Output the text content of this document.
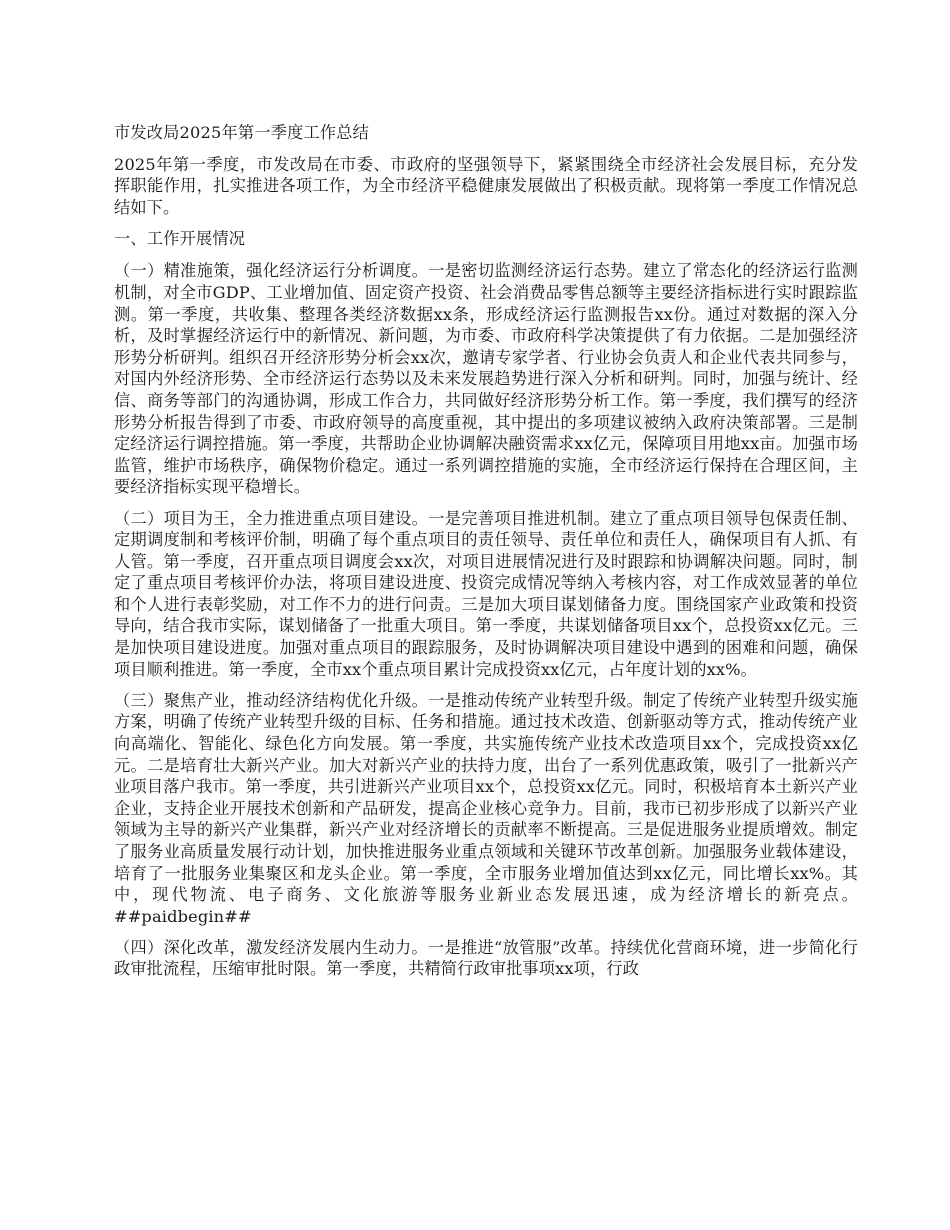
市发改局2025年第一季度工作总结

2025年第一季度，市发改局在市委、市政府的坚强领导下，紧紧围绕全市经济社会发展目标，充分发挥职能作用，扎实推进各项工作，为全市经济平稳健康发展做出了积极贡献。现将第一季度工作情况总结如下。

一、工作开展情况

（一）精准施策，强化经济运行分析调度。一是密切监测经济运行态势。建立了常态化的经济运行监测机制，对全市GDP、工业增加值、固定资产投资、社会消费品零售总额等主要经济指标进行实时跟踪监测。第一季度，共收集、整理各类经济数据xx条，形成经济运行监测报告xx份。通过对数据的深入分析，及时掌握经济运行中的新情况、新问题，为市委、市政府科学决策提供了有力依据。二是加强经济形势分析研判。组织召开经济形势分析会xx次，邀请专家学者、行业协会负责人和企业代表共同参与，对国内外经济形势、全市经济运行态势以及未来发展趋势进行深入分析和研判。同时，加强与统计、经信、商务等部门的沟通协调，形成工作合力，共同做好经济形势分析工作。第一季度，我们撰写的经济形势分析报告得到了市委、市政府领导的高度重视，其中提出的多项建议被纳入政府决策部署。三是制定经济运行调控措施。第一季度，共帮助企业协调解决融资需求xx亿元，保障项目用地xx亩。加强市场监管，维护市场秩序，确保物价稳定。通过一系列调控措施的实施，全市经济运行保持在合理区间，主要经济指标实现平稳增长。

（二）项目为王，全力推进重点项目建设。一是完善项目推进机制。建立了重点项目领导包保责任制、定期调度制和考核评价制，明确了每个重点项目的责任领导、责任单位和责任人，确保项目有人抓、有人管。第一季度，召开重点项目调度会xx次，对项目进展情况进行及时跟踪和协调解决问题。同时，制定了重点项目考核评价办法，将项目建设进度、投资完成情况等纳入考核内容，对工作成效显著的单位和个人进行表彰奖励，对工作不力的进行问责。三是加大项目谋划储备力度。围绕国家产业政策和投资导向，结合我市实际，谋划储备了一批重大项目。第一季度，共谋划储备项目xx个，总投资xx亿元。三是加快项目建设进度。加强对重点项目的跟踪服务，及时协调解决项目建设中遇到的困难和问题，确保项目顺利推进。第一季度，全市xx个重点项目累计完成投资xx亿元，占年度计划的xx%。

（三）聚焦产业，推动经济结构优化升级。一是推动传统产业转型升级。制定了传统产业转型升级实施方案，明确了传统产业转型升级的目标、任务和措施。通过技术改造、创新驱动等方式，推动传统产业向高端化、智能化、绿色化方向发展。第一季度，共实施传统产业技术改造项目xx个，完成投资xx亿元。二是培育壮大新兴产业。加大对新兴产业的扶持力度，出台了一系列优惠政策，吸引了一批新兴产业项目落户我市。第一季度，共引进新兴产业项目xx个，总投资xx亿元。同时，积极培育本土新兴产业企业，支持企业开展技术创新和产品研发，提高企业核心竞争力。目前，我市已初步形成了以新兴产业领域为主导的新兴产业集群，新兴产业对经济增长的贡献率不断提高。三是促进服务业提质增效。制定了服务业高质量发展行动计划，加快推进服务业重点领域和关键环节改革创新。加强服务业载体建设，培育了一批服务业集聚区和龙头企业。第一季度，全市服务业增加值达到xx亿元，同比增长xx%。其中，现代物流、电子商务、文化旅游等服务业新业态发展迅速，成为经济增长的新亮点。##paidbegin##

（四）深化改革，激发经济发展内生动力。一是推进“放管服”改革。持续优化营商环境，进一步简化行政审批流程，压缩审批时限。第一季度，共精简行政审批事项xx项，行政
